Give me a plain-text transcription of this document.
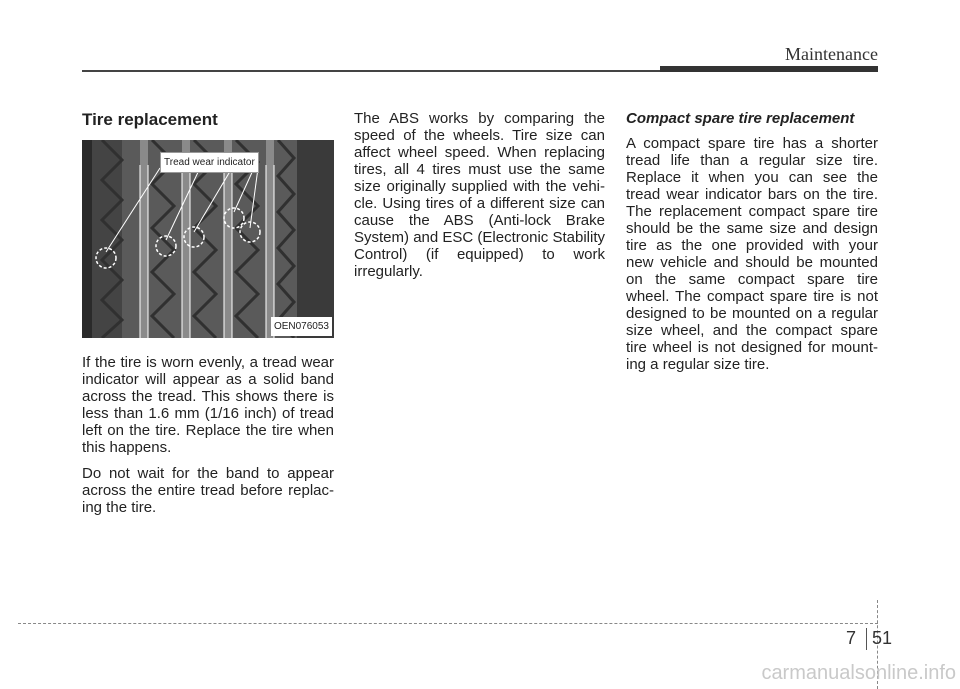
Maintenance
Tire replacement
Tread wear indicator
OEN076053

If the tire is worn evenly, a tread wear indicator will appear as a solid band across the tread. This shows there is less than 1.6 mm (1/16 inch) of tread left on the tire. Replace the tire when this happens.

Do not wait for the band to appear across the entire tread before replac-ing the tire.

The ABS works by comparing the speed of the wheels. Tire size can affect wheel speed. When replacing tires, all 4 tires must use the same size originally supplied with the vehi-cle. Using tires of a different size can cause the ABS (Anti-lock Brake System) and ESC (Electronic Stability Control) (if equipped) to work irregularly.

Compact spare tire replacement

A compact spare tire has a shorter tread life than a regular size tire. Replace it when you can see the tread wear indicator bars on the tire. The replacement compact spare tire should be the same size and design tire as the one provided with your new vehicle and should be mounted on the same compact spare tire wheel. The compact spare tire is not designed to be mounted on a regular size wheel, and the compact spare tire wheel is not designed for mount-ing a regular size tire.

7 51
carmanualsonline.info
